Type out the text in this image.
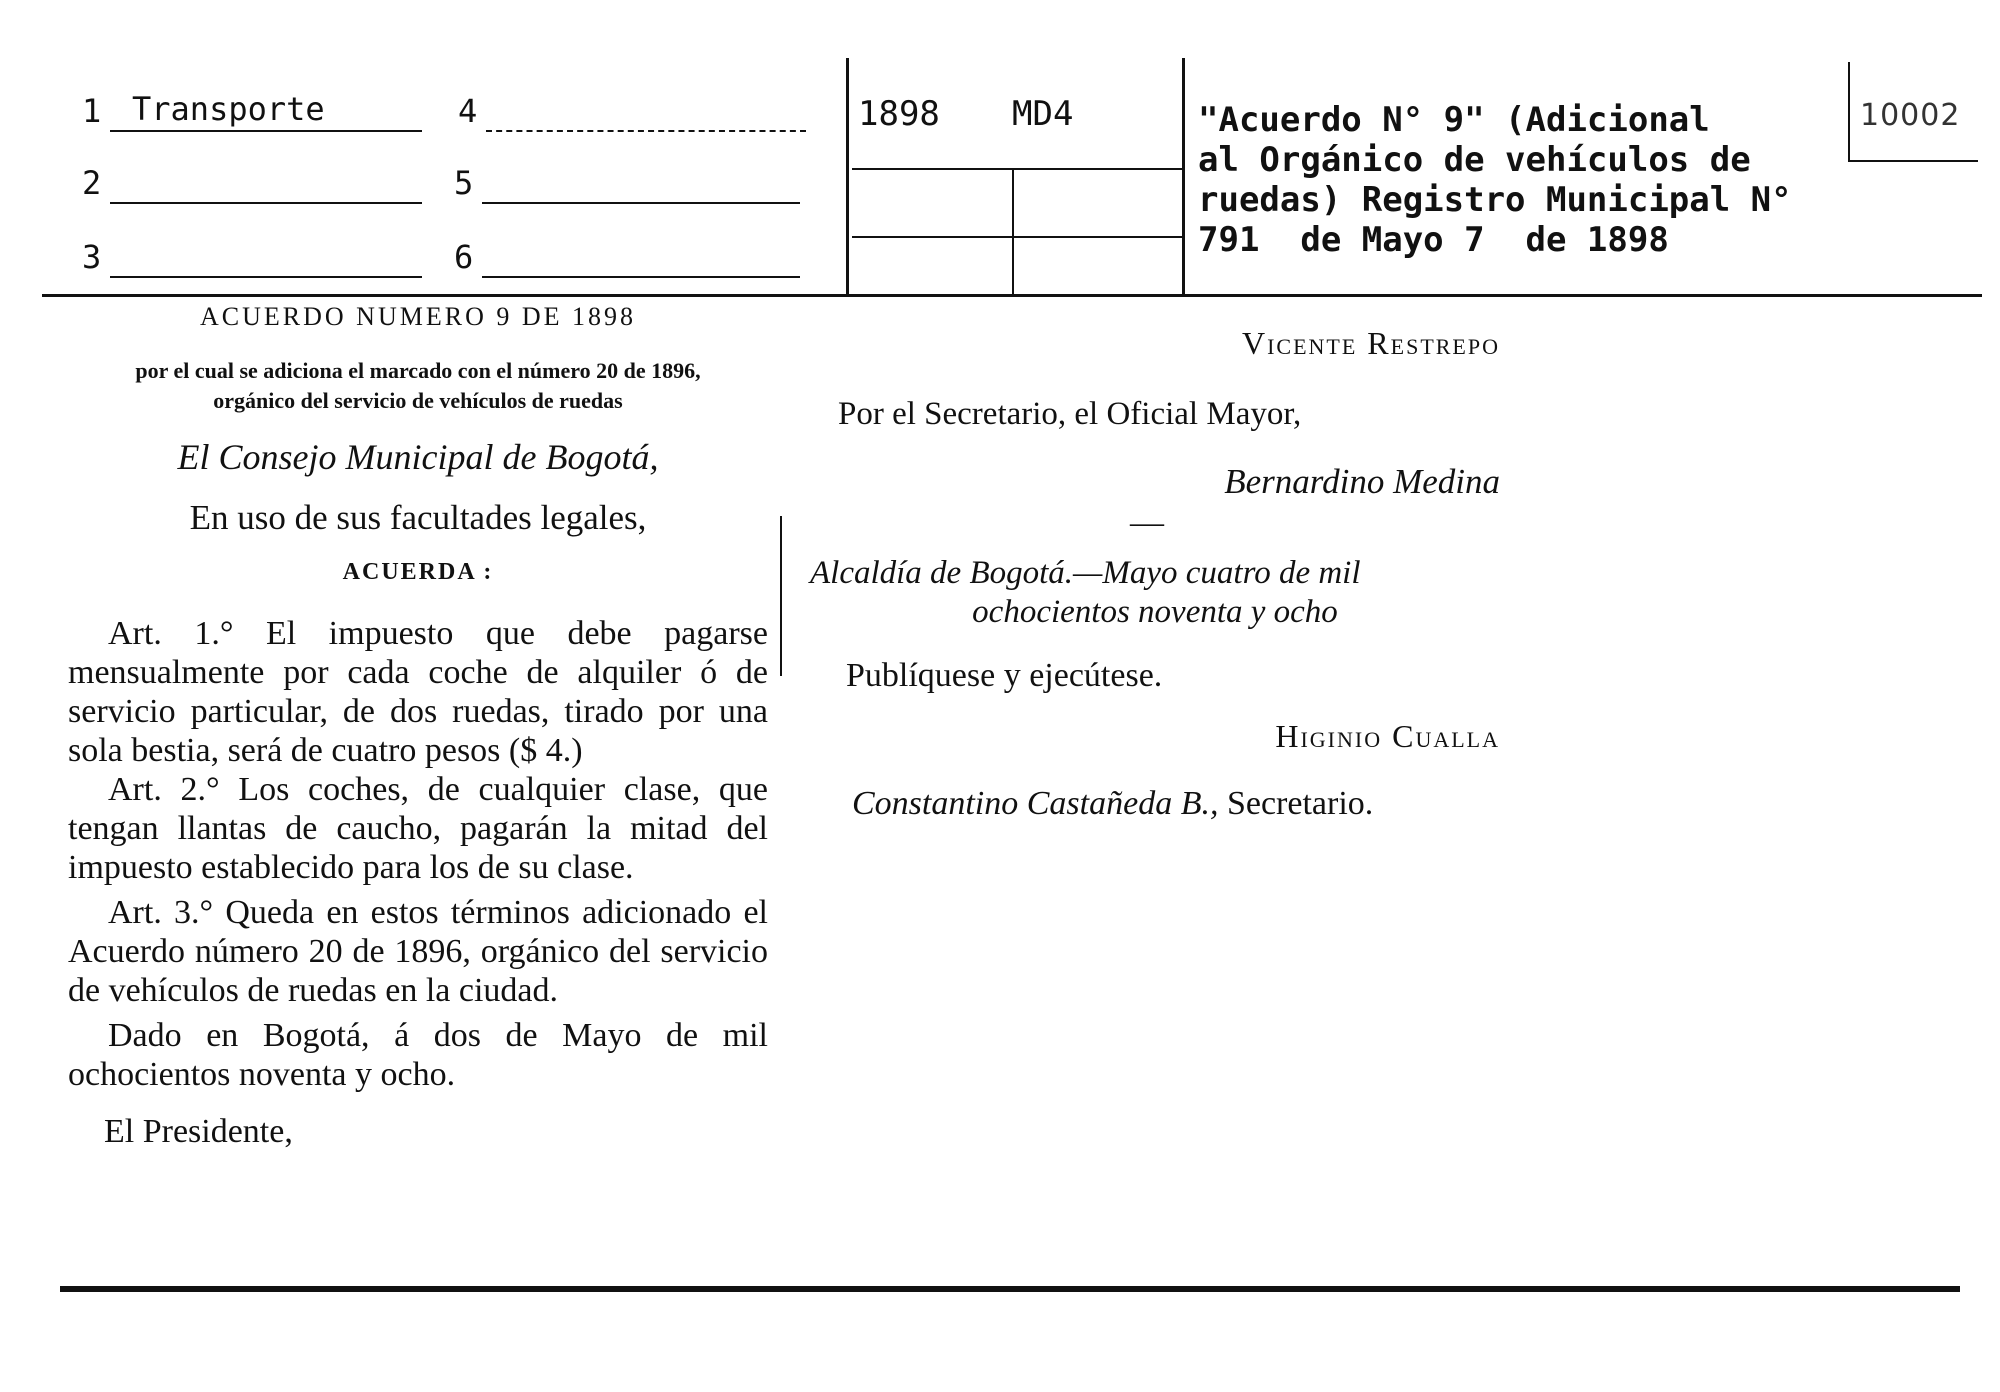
1 Transporte
2
3
4
5
6
1898 MD4	"Acuerdo N° 9" (Adicional
al Orgánico de vehículos de
ruedas) Registro Municipal N°
791  de Mayo 7  de 1898
10002

ACUERDO NUMERO 9 DE 1898

por el cual se adiciona el marcado con el número 20 de 1896,

orgánico del servicio de vehículos de ruedas

El Consejo Municipal de Bogotá,

En uso de sus facultades legales,

ACUERDA :

Art. 1.° El impuesto que debe pagarse mensualmente por cada coche de alquiler ó de servicio particular, de dos ruedas, tirado por una sola bestia, será de cuatro pesos ($ 4.)

Art. 2.° Los coches, de cualquier clase, que tengan llantas de caucho, pagarán la mitad del impuesto establecido para los de su clase.

Art. 3.° Queda en estos términos adicionado el Acuerdo número 20 de 1896, orgánico del servicio de vehículos de ruedas en la ciudad.

Dado en Bogotá, á dos de Mayo de mil ochocientos noventa y ocho.

El Presidente,

Vicente Restrepo

Por el Secretario, el Oficial Mayor,

Bernardino Medina

—

Alcaldía de Bogotá.—Mayo cuatro de mil

ochocientos noventa y ocho

Publíquese y ejecútese.

Higinio Cualla

Constantino Castañeda B., Secretario.
